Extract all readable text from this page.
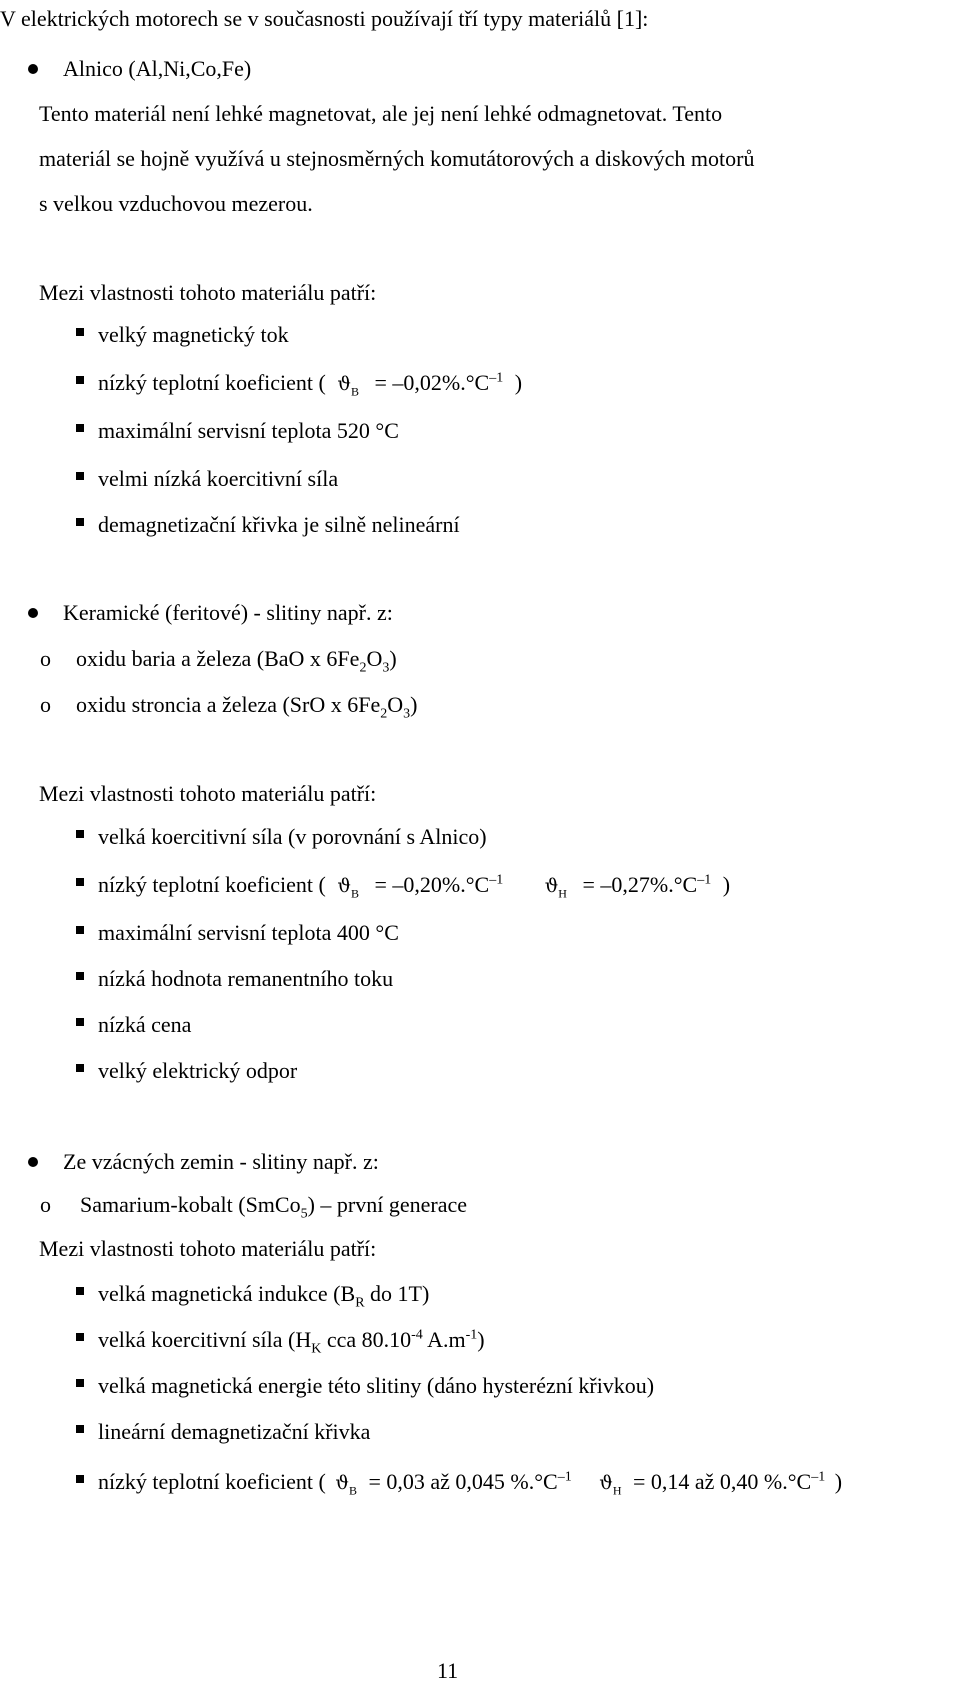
V elektrických motorech se v současnosti používají tří typy materiálů [1]:
Alnico (Al,Ni,Co,Fe)
Tento materiál není lehké magnetovat, ale jej není lehké odmagnetovat. Tento
materiál se hojně využívá u stejnosměrných komutátorových a diskových motorů
s velkou vzduchovou mezerou.
Mezi vlastnosti tohoto materiálu patří:
velký magnetický tok
nízký teplotní koeficient ( $ϑ_B = -0,02\%.^\circ C^{-1}$ )
maximální servisní teplota 520 °C
velmi nízká koercitivní síla
demagnetizační křivka je silně nelineární
Keramické (feritové) - slitiny např. z:
o oxidu baria a železa (BaO x $6Fe_2O_3$)
o oxidu stroncia a železa (SrO x $6Fe_2O_3$)
Mezi vlastnosti tohoto materiálu patří:
velká koercitivní síla (v porovnání s Alnico)
nízký teplotní koeficient ( $ϑ_B = -0,20\%.^\circ C^{-1}$ $ϑ_H = -0,27\%.^\circ C^{-1}$ )
maximální servisní teplota 400 °C
nízká hodnota remanentního toku
nízká cena
velký elektrický odpor
Ze vzácných zemin - slitiny např. z:
o Samarium-kobalt (SmCo$_5$) – první generace
Mezi vlastnosti tohoto materiálu patří:
velká magnetická indukce ($B_R$ do 1T)
velká koercitivní síla ($H_K$ cca $80.10^{-4}$ $A.m^{-1}$)
velká magnetická energie této slitiny (dáno hysterézní křivkou)
lineární demagnetizační křivka
nízký teplotní koeficient ( $ϑ_B = 0,03$ až 0,045 $\%.^\circ C^{-1}$ $ϑ_H = 0,14$ až 0,40 $\%.^\circ C^{-1}$ )
11
